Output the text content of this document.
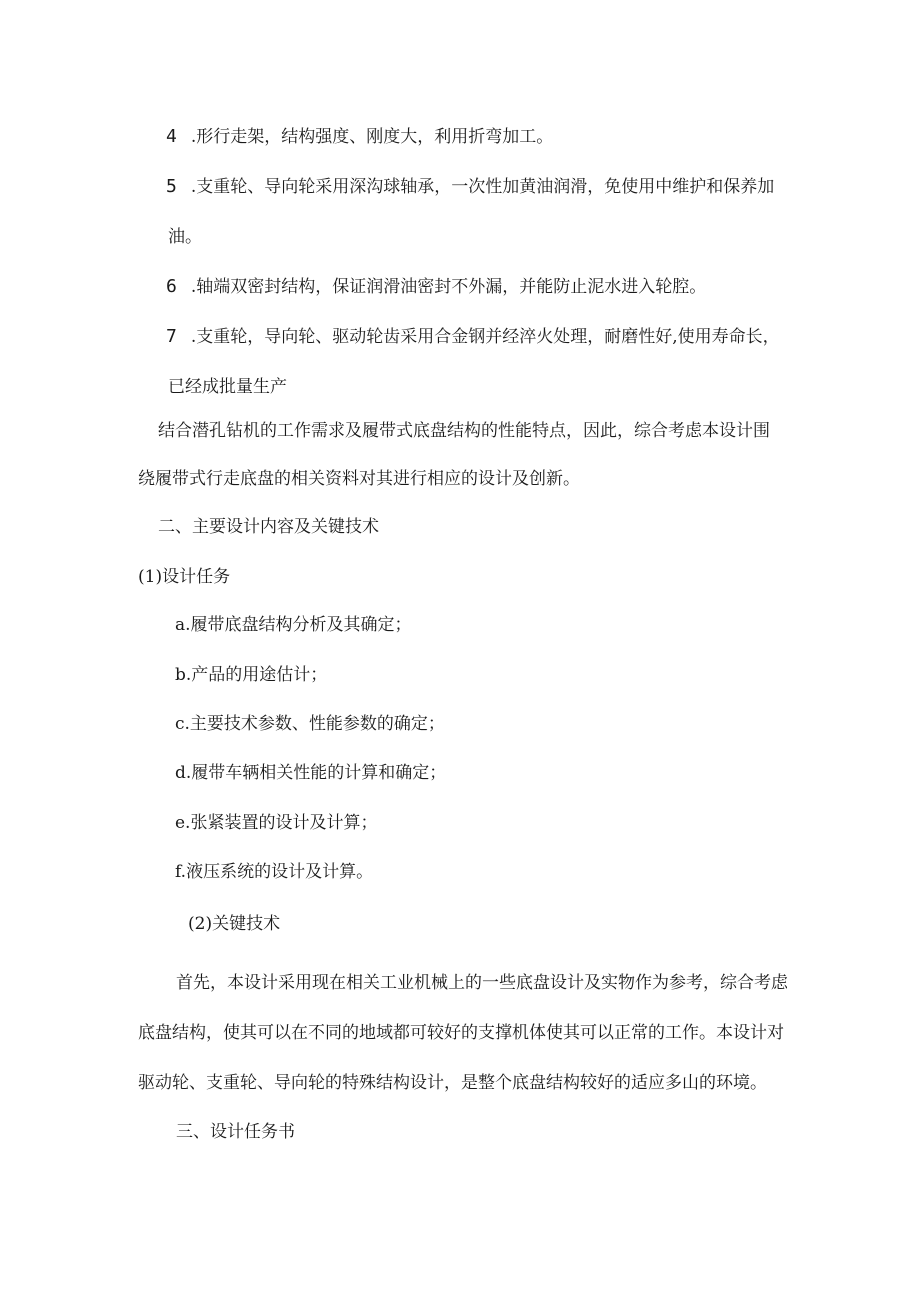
4 .形行走架，结构强度、刚度大，利用折弯加工。
5 .支重轮、导向轮采用深沟球轴承，一次性加黄油润滑，免使用中维护和保养加
油。
6 .轴端双密封结构，保证润滑油密封不外漏，并能防止泥水进入轮腔。
7 .支重轮，导向轮、驱动轮齿采用合金钢并经淬火处理，耐磨性好,使用寿命长，
已经成批量生产
结合潜孔钻机的工作需求及履带式底盘结构的性能特点，因此，综合考虑本设计围
绕履带式行走底盘的相关资料对其进行相应的设计及创新。
二、主要设计内容及关键技术
(1)设计任务
a.履带底盘结构分析及其确定；
b.产品的用途估计；
c.主要技术参数、性能参数的确定；
d.履带车辆相关性能的计算和确定；
e.张紧装置的设计及计算；
f.液压系统的设计及计算。
(2)关键技术
首先，本设计采用现在相关工业机械上的一些底盘设计及实物作为参考，综合考虑
底盘结构，使其可以在不同的地域都可较好的支撑机体使其可以正常的工作。本设计对
驱动轮、支重轮、导向轮的特殊结构设计，是整个底盘结构较好的适应多山的环境。
三、设计任务书
